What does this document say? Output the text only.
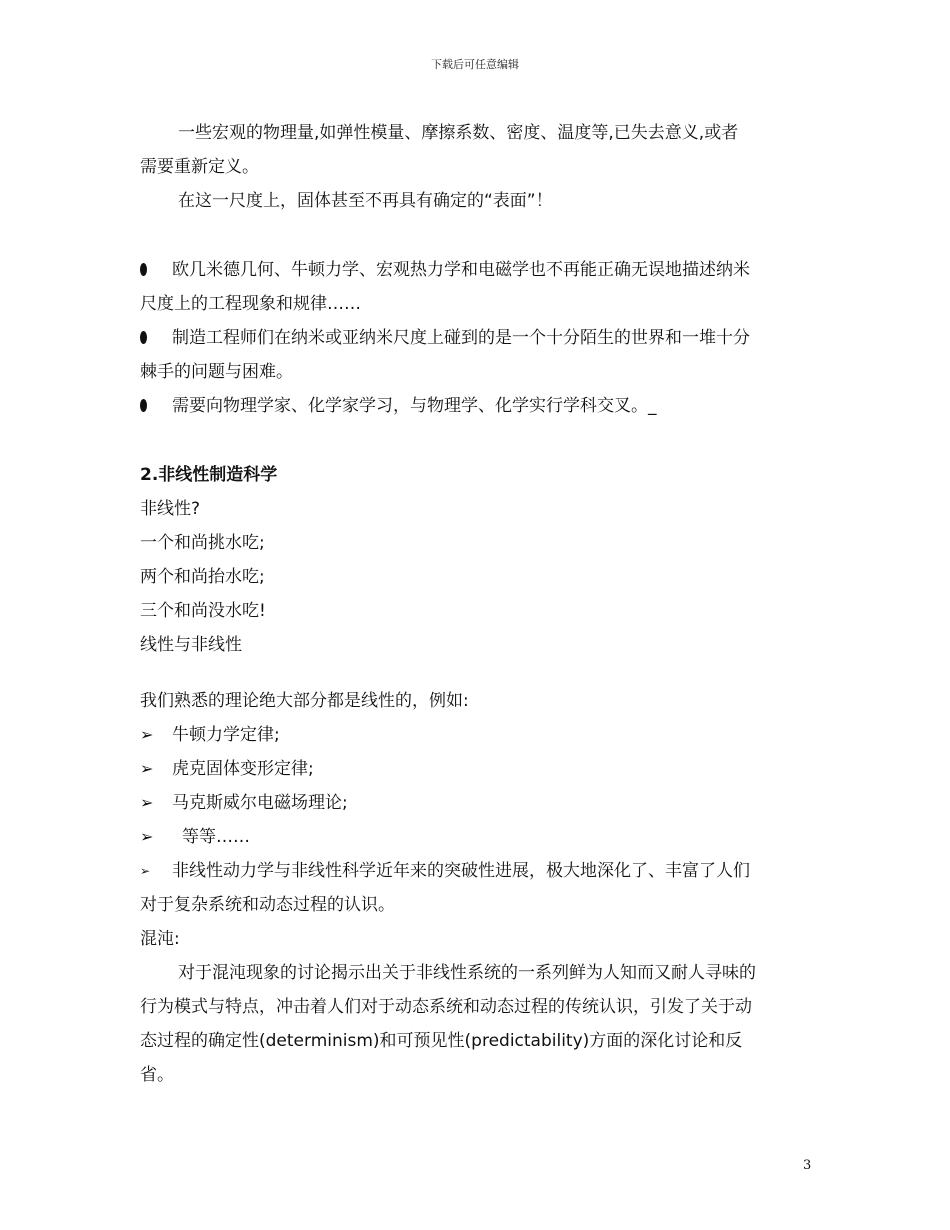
下载后可任意编辑
一些宏观的物理量,如弹性模量、摩擦系数、密度、温度等,已失去意义,或者
需要重新定义。
在这一尺度上，固体甚至不再具有确定的“表面”！
欧几米德几何、牛顿力学、宏观热力学和电磁学也不再能正确无误地描述纳米
尺度上的工程现象和规律……
制造工程师们在纳米或亚纳米尺度上碰到的是一个十分陌生的世界和一堆十分
棘手的问题与困难。
需要向物理学家、化学家学习，与物理学、化学实行学科交叉。_
2.非线性制造科学
非线性?
一个和尚挑水吃;
两个和尚抬水吃;
三个和尚没水吃!
线性与非线性
我们熟悉的理论绝大部分都是线性的，例如:
➢ 牛顿力学定律;
➢ 虎克固体变形定律;
➢ 马克斯威尔电磁场理论;
➢ 等等……
➢ 非线性动力学与非线性科学近年来的突破性进展，极大地深化了、丰富了人们
对于复杂系统和动态过程的认识。
混沌:
对于混沌现象的讨论揭示出关于非线性系统的一系列鲜为人知而又耐人寻味的
行为模式与特点，冲击着人们对于动态系统和动态过程的传统认识，引发了关于动
态过程的确定性(determinism)和可预见性(predictability)方面的深化讨论和反
省。
3
